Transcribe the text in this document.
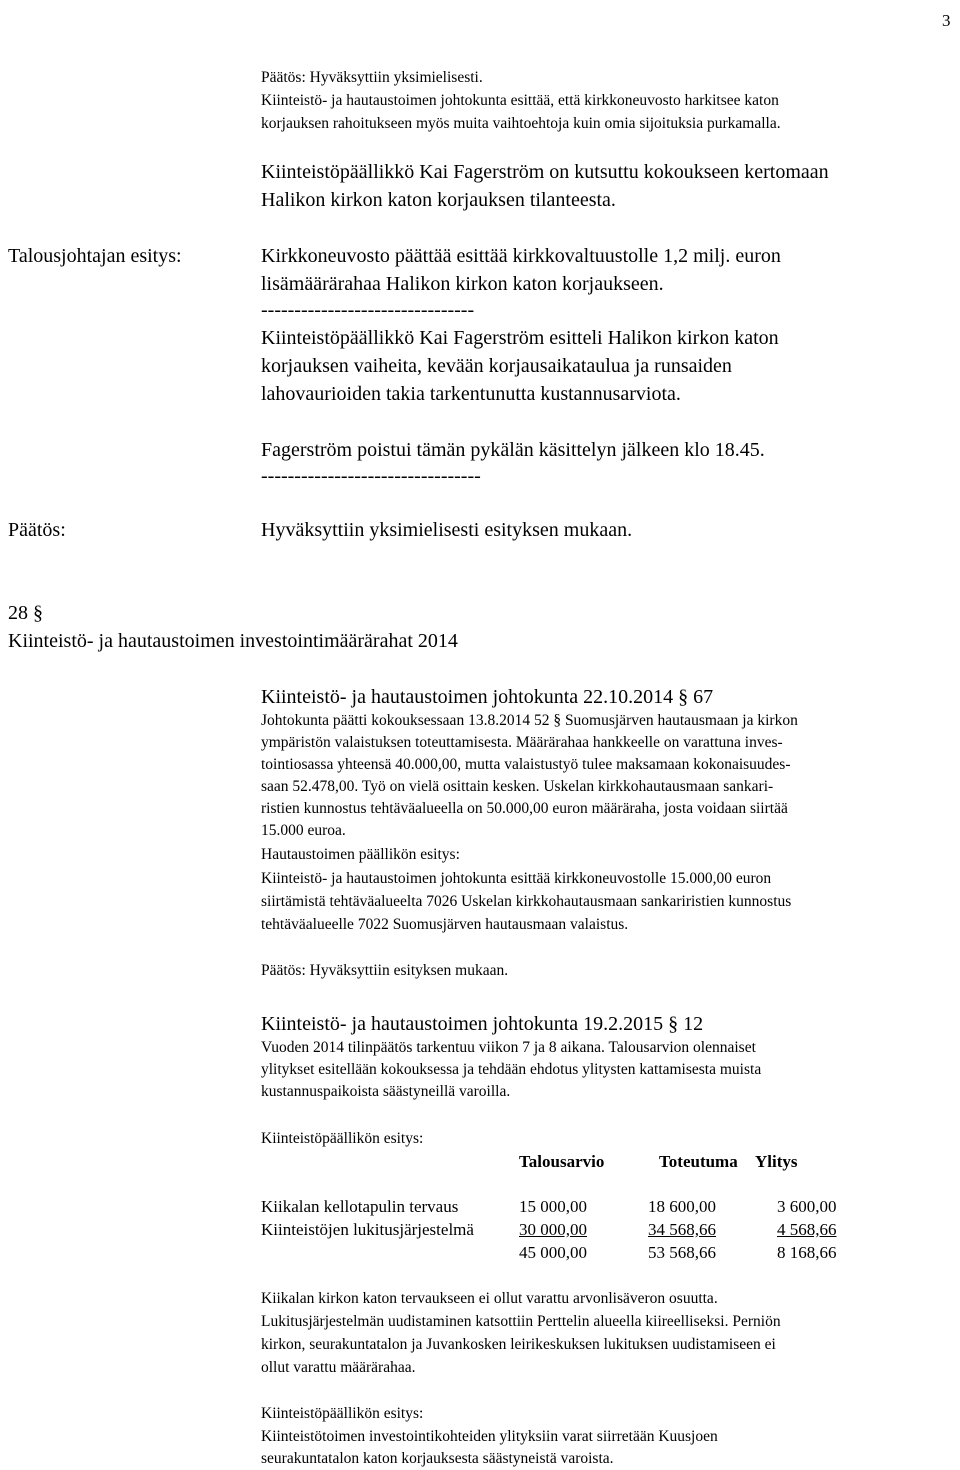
3
Päätös: Hyväksyttiin yksimielisesti.
Kiinteistö- ja hautaustoimen johtokunta esittää, että kirkkoneuvosto harkitsee katon
korjauksen rahoitukseen myös muita vaihtoehtoja kuin omia sijoituksia purkamalla.
Kiinteistöpäällikkö Kai Fagerström on kutsuttu kokoukseen kertomaan
Halikon kirkon katon korjauksen tilanteesta.
Talousjohtajan esitys:	Kirkkoneuvosto päättää esittää kirkkovaltuustolle 1,2 milj. euron
lisämäärärahaa Halikon kirkon katon korjaukseen.
--------------------------------
Kiinteistöpäällikkö Kai Fagerström esitteli Halikon kirkon katon
korjauksen vaiheita, kevään korjausaikataulua ja runsaiden
lahovaurioiden takia tarkentunutta kustannusarviota.
Fagerström poistui tämän pykälän käsittelyn jälkeen klo 18.45.
---------------------------------
Päätös:	Hyväksyttiin yksimielisesti esityksen mukaan.
28 §
Kiinteistö- ja hautaustoimen investointimäärärahat 2014
Kiinteistö- ja hautaustoimen johtokunta 22.10.2014 § 67
Johtokunta päätti kokouksessaan 13.8.2014 52 § Suomusjärven hautausmaan ja kirkon
ympäristön valaistuksen toteuttamisesta. Määrärahaa hankkeelle on varattuna inves-
tointiosassa yhteensä 40.000,00, mutta valaistustyö tulee maksamaan kokonaisuudes-
saan 52.478,00. Työ on vielä osittain kesken. Uskelan kirkkohautausmaan sankari-
ristien kunnostus tehtäväalueella on 50.000,00 euron määräraha, josta voidaan siirtää
15.000 euroa.
Hautaustoimen päällikön esitys:
Kiinteistö- ja hautaustoimen johtokunta esittää kirkkoneuvostolle 15.000,00 euron
siirtämistä tehtäväalueelta 7026 Uskelan kirkkohautausmaan sankariristien kunnostus
tehtäväalueelle 7022 Suomusjärven hautausmaan valaistus.
Päätös: Hyväksyttiin esityksen mukaan.
Kiinteistö- ja hautaustoimen johtokunta 19.2.2015 § 12
Vuoden 2014 tilinpäätös tarkentuu viikon 7 ja 8 aikana. Talousarvion olennaiset
ylitykset esitellään kokouksessa ja tehdään ehdotus ylitysten kattamisesta muista
kustannuspaikoista säästyneillä varoilla.
Kiinteistöpäällikön esitys:
Talousarvio	Toteutuma Ylitys
Kiikalan kellotapulin tervaus	15 000,00	18 600,00	3 600,00
Kiinteistöjen lukitusjärjestelmä	30 000,00	34 568,66	4 568,66
45 000,00	53 568,66	8 168,66
Kiikalan kirkon katon tervaukseen ei ollut varattu arvonlisäveron osuutta.
Lukitusjärjestelmän uudistaminen katsottiin Perttelin alueella kiireelliseksi. Perniön
kirkon, seurakuntatalon ja Juvankosken leirikeskuksen lukituksen uudistamiseen ei
ollut varattu määrärahaa.
Kiinteistöpäällikön esitys:
Kiinteistötoimen investointikohteiden ylityksiin varat siirretään Kuusjoen
seurakuntatalon katon korjauksesta säästyneistä varoista.
